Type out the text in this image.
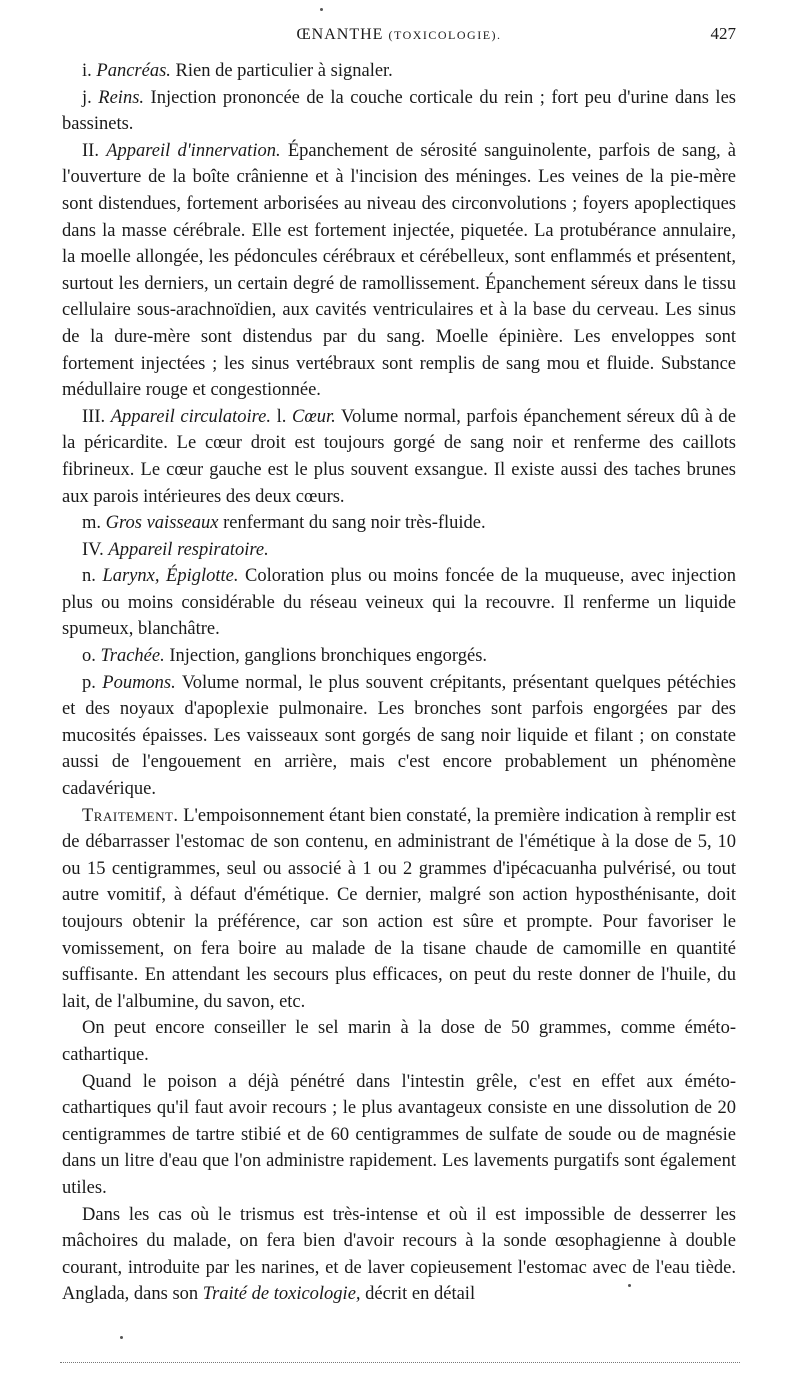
ŒNANTHE (TOXICOLOGIE).	427

i. Pancréas. Rien de particulier à signaler.

j. Reins. Injection prononcée de la couche corticale du rein ; fort peu d'urine dans les bassinets.

II. Appareil d'innervation. Épanchement de sérosité sanguinolente, parfois de sang, à l'ouverture de la boîte crânienne et à l'incision des méninges. Les veines de la pie-mère sont distendues, fortement arborisées au niveau des circonvolutions ; foyers apoplectiques dans la masse cérébrale. Elle est fortement injectée, piquetée. La protubérance annulaire, la moelle allongée, les pédoncules cérébraux et cérébelleux, sont enflammés et présentent, surtout les derniers, un certain degré de ramollissement. Épanchement séreux dans le tissu cellulaire sous-arachnoïdien, aux cavités ventriculaires et à la base du cerveau. Les sinus de la dure-mère sont distendus par du sang. Moelle épinière. Les enveloppes sont fortement injectées ; les sinus vertébraux sont remplis de sang mou et fluide. Substance médullaire rouge et congestionnée.

III. Appareil circulatoire. l. Cœur. Volume normal, parfois épanchement séreux dû à de la péricardite. Le cœur droit est toujours gorgé de sang noir et renferme des caillots fibrineux. Le cœur gauche est le plus souvent exsangue. Il existe aussi des taches brunes aux parois intérieures des deux cœurs.

m. Gros vaisseaux renfermant du sang noir très-fluide.

IV. Appareil respiratoire.

n. Larynx, Épiglotte. Coloration plus ou moins foncée de la muqueuse, avec injection plus ou moins considérable du réseau veineux qui la recouvre. Il renferme un liquide spumeux, blanchâtre.

o. Trachée. Injection, ganglions bronchiques engorgés.

p. Poumons. Volume normal, le plus souvent crépitants, présentant quelques pétéchies et des noyaux d'apoplexie pulmonaire. Les bronches sont parfois engorgées par des mucosités épaisses. Les vaisseaux sont gorgés de sang noir liquide et filant ; on constate aussi de l'engouement en arrière, mais c'est encore probablement un phénomène cadavérique.

Traitement. L'empoisonnement étant bien constaté, la première indication à remplir est de débarrasser l'estomac de son contenu, en administrant de l'émétique à la dose de 5, 10 ou 15 centigrammes, seul ou associé à 1 ou 2 grammes d'ipécacuanha pulvérisé, ou tout autre vomitif, à défaut d'émétique. Ce dernier, malgré son action hyposthénisante, doit toujours obtenir la préférence, car son action est sûre et prompte. Pour favoriser le vomissement, on fera boire au malade de la tisane chaude de camomille en quantité suffisante. En attendant les secours plus efficaces, on peut du reste donner de l'huile, du lait, de l'albumine, du savon, etc.

On peut encore conseiller le sel marin à la dose de 50 grammes, comme éméto-cathartique.

Quand le poison a déjà pénétré dans l'intestin grêle, c'est en effet aux éméto-cathartiques qu'il faut avoir recours ; le plus avantageux consiste en une dissolution de 20 centigrammes de tartre stibié et de 60 centigrammes de sulfate de soude ou de magnésie dans un litre d'eau que l'on administre rapidement. Les lavements purgatifs sont également utiles.

Dans les cas où le trismus est très-intense et où il est impossible de desserrer les mâchoires du malade, on fera bien d'avoir recours à la sonde œsophagienne à double courant, introduite par les narines, et de laver copieusement l'estomac avec de l'eau tiède. Anglada, dans son Traité de toxicologie, décrit en détail
